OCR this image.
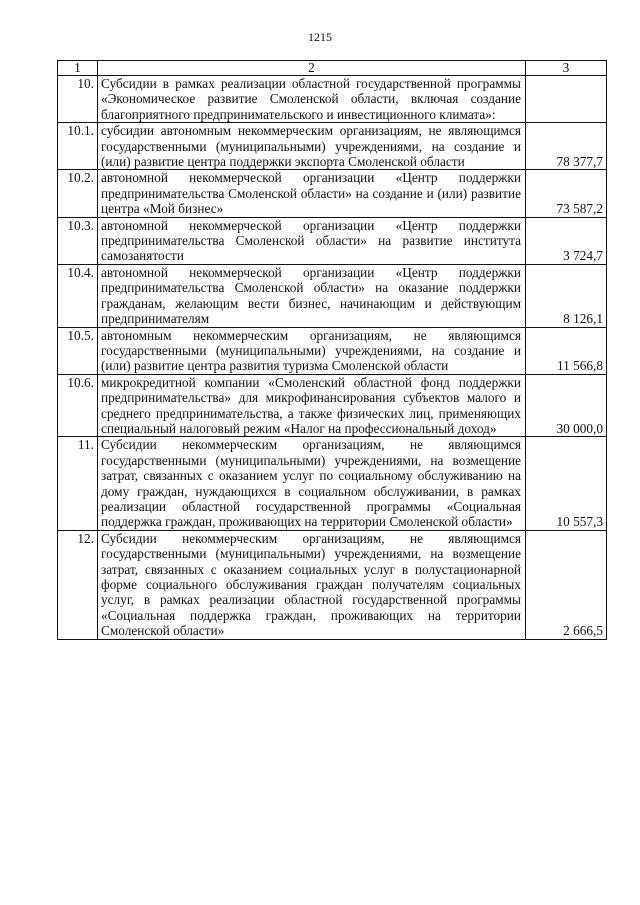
1215
1	2	3
10.	Субсидии в рамках реализации областной государственной программы «Экономическое развитие Смоленской области, включая создание благоприятного предпринимательского и инвестиционного климата»:	
10.1.	субсидии автономным некоммерческим организациям, не являющимся государственными (муниципальными) учреждениями, на создание и (или) развитие центра поддержки экспорта Смоленской области	78 377,7
10.2.	автономной некоммерческой организации «Центр поддержки предпринимательства Смоленской области» на создание и (или) развитие центра «Мой бизнес»	73 587,2
10.3.	автономной некоммерческой организации «Центр поддержки предпринимательства Смоленской области» на развитие института самозанятости	3 724,7
10.4.	автономной некоммерческой организации «Центр поддержки предпринимательства Смоленской области» на оказание поддержки гражданам, желающим вести бизнес, начинающим и действующим предпринимателям	8 126,1
10.5.	автономным некоммерческим организациям, не являющимся государственными (муниципальными) учреждениями, на создание и (или) развитие центра развития туризма Смоленской области	11 566,8
10.6.	микрокредитной компании «Смоленский областной фонд поддержки предпринимательства» для микрофинансирования субъектов малого и среднего предпринимательства, а также физических лиц, применяющих специальный налоговый режим «Налог на профессиональный доход»	30 000,0
11.	Субсидии некоммерческим организациям, не являющимся государственными (муниципальными) учреждениями, на возмещение затрат, связанных с оказанием услуг по социальному обслуживанию на дому граждан, нуждающихся в социальном обслуживании, в рамках реализации областной государственной программы «Социальная поддержка граждан, проживающих на территории Смоленской области»	10 557,3
12.	Субсидии некоммерческим организациям, не являющимся государственными (муниципальными) учреждениями, на возмещение затрат, связанных с оказанием социальных услуг в полустационарной форме социального обслуживания граждан получателям социальных услуг, в рамках реализации областной государственной программы «Социальная поддержка граждан, проживающих на территории Смоленской области»	2 666,5
